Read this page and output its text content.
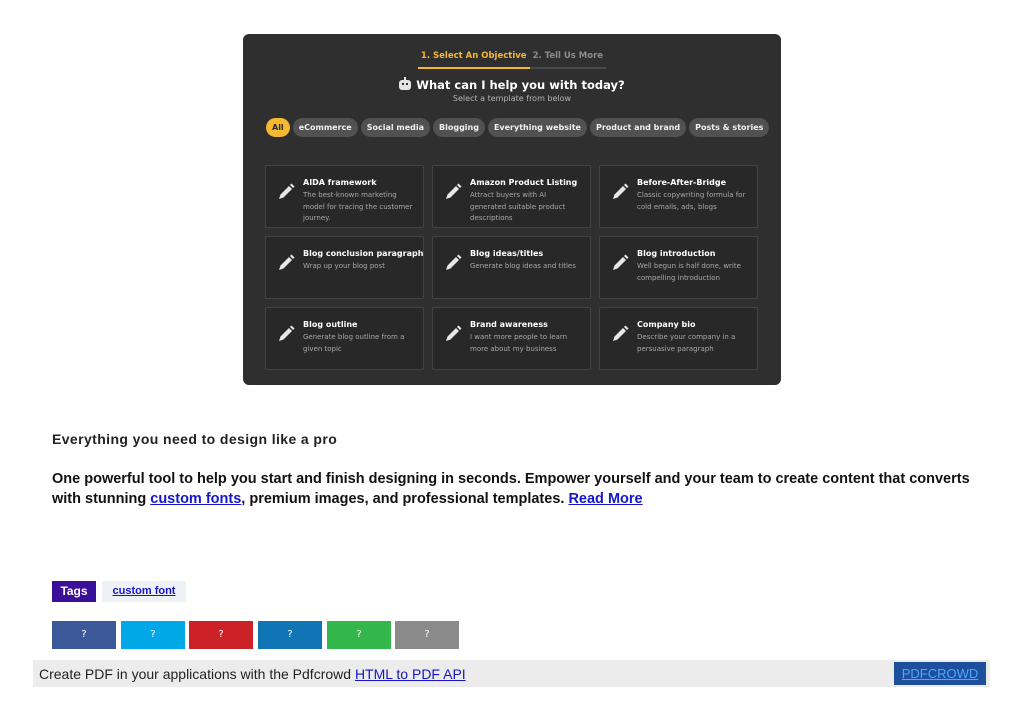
1. Select An Objective 2. Tell Us More
What can I help you with today?
Select a template from below
All eCommerce Social media Blogging Everything website Product and brand Posts & stories
AIDA framework
The best-known marketing model for tracing the customer journey.
Amazon Product Listing
Attract buyers with AI generated suitable product descriptions
Before-After-Bridge
Classic copywriting formula for cold emails, ads, blogs
Blog conclusion paragraph
Wrap up your blog post
Blog ideas/titles
Generate blog ideas and titles
Blog introduction
Well begun is half done, write compelling introduction
Blog outline
Generate blog outline from a given topic
Brand awareness
I want more people to learn more about my business
Company bio
Describe your company in a persuasive paragraph
Everything you need to design like a pro
One powerful tool to help you start and finish designing in seconds. Empower yourself and your team to create content that converts with stunning custom fonts, premium images, and professional templates. Read More
Tags	custom font
?	?	?	?	?	?
Create PDF in your applications with the Pdfcrowd HTML to PDF API	PDFCROWD
